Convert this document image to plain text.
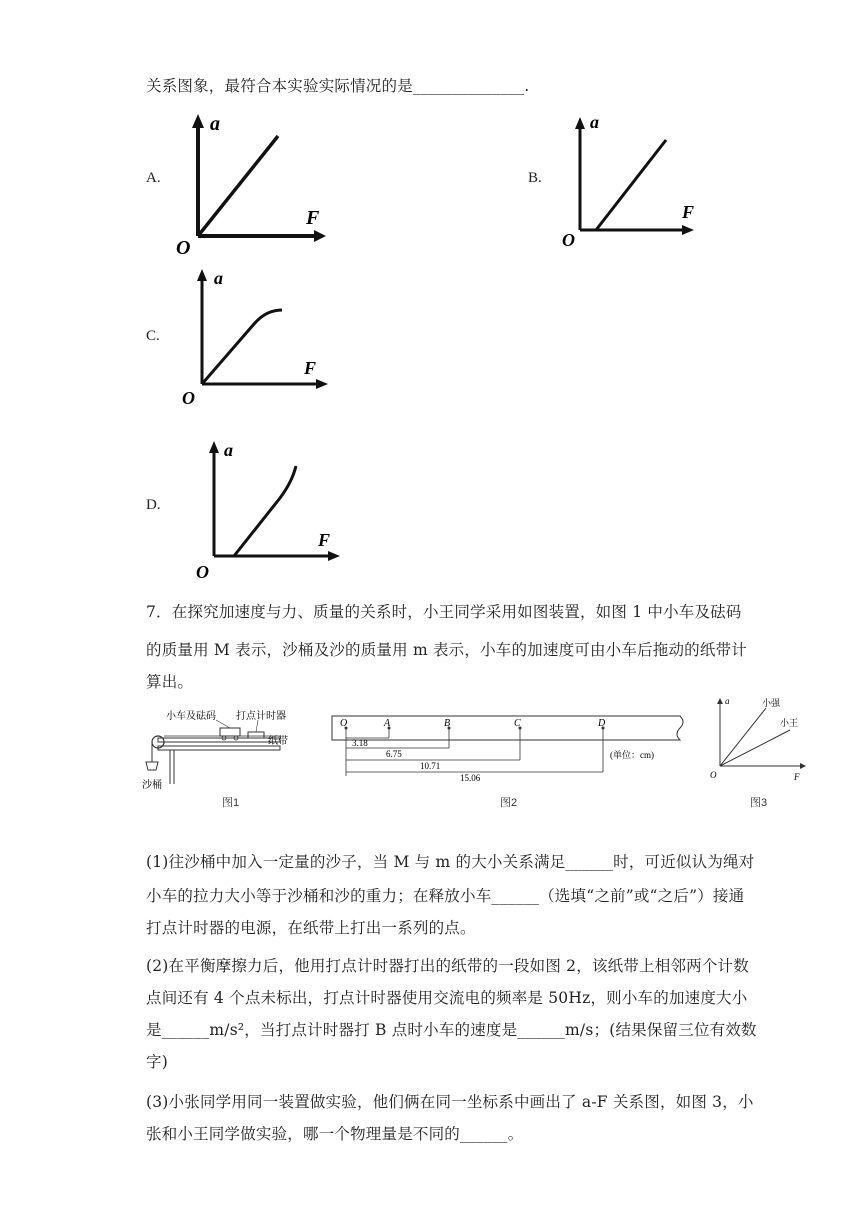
关系图象，最符合本实验实际情况的是______________.
A.
a
F
O
B.
a
F
O
C.
a
F
O
D.
a
F
O
7．在探究加速度与力、质量的关系时，小王同学采用如图装置，如图 1 中小车及砝码
的质量用 M 表示，沙桶及沙的质量用 m 表示，小车的加速度可由小车后拖动的纸带计
算出。
小车及砝码 打点计时器
纸带
沙桶
图1
O	A	B	C	D
3.18
6.75
10.71
15.06
(单位：cm)
图2
a
F
O
小强
小王
图3
(1)往沙桶中加入一定量的沙子，当 M 与 m 的大小关系满足______时，可近似认为绳对
小车的拉力大小等于沙桶和沙的重力；在释放小车______（选填“之前”或“之后”）接通
打点计时器的电源，在纸带上打出一系列的点。
(2)在平衡摩擦力后，他用打点计时器打出的纸带的一段如图 2，该纸带上相邻两个计数
点间还有 4 个点未标出，打点计时器使用交流电的频率是 50Hz，则小车的加速度大小
是______m/s²，当打点计时器打 B 点时小车的速度是______m/s；(结果保留三位有效数
字)
(3)小张同学用同一装置做实验，他们俩在同一坐标系中画出了 a-F 关系图，如图 3，小
张和小王同学做实验，哪一个物理量是不同的______。
